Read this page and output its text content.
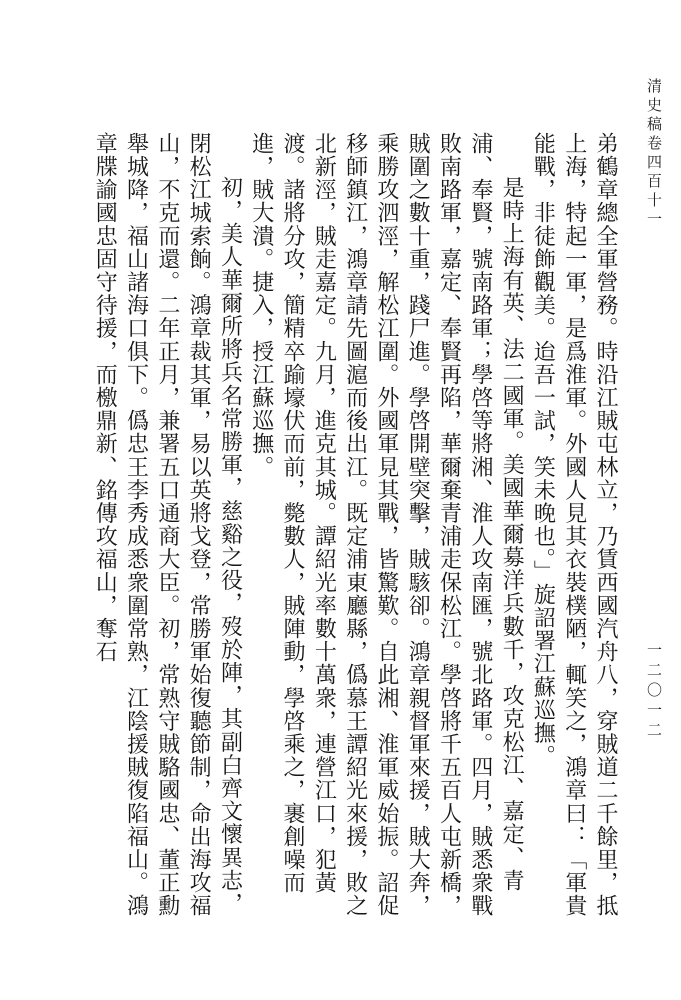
清史稿卷四百十一
一二〇一二

弟鶴章總全軍營務。時沿江賊屯林立，乃賃西國汽舟八，穿賊道二千餘里，抵上海，特起一軍，是爲淮軍。外國人見其衣裝樸陋，輒笑之，鴻章曰：「軍貴能戰，非徒飾觀美。迨吾一試，笑未晚也。」旋詔署江蘇巡撫。

是時上海有英、法二國軍。美國華爾募洋兵數千，攻克松江、嘉定、青浦、奉賢，號南路軍；學啓等將湘、淮人攻南匯，號北路軍。四月，賊悉衆戰敗南路軍，嘉定、奉賢再陷，華爾棄青浦走保松江。學啓將千五百人屯新橋，賊圍之數十重，踐尸進。學啓開壁突擊，賊駭卻。鴻章親督軍來援，賊大奔，乘勝攻泗涇，解松江圍。外國軍見其戰，皆驚歎。自此湘、淮軍威始振。詔促移師鎮江，鴻章請先圖滬而後出江。既定浦東廳縣，僞慕王譚紹光來援，敗之北新涇，賊走嘉定。九月，進克其城。譚紹光率數十萬衆，連營江口，犯黃渡。諸將分攻，簡精卒踰壕伏而前，斃數人，賊陣動，學啓乘之，裹創噪而進，賊大潰。捷入，授江蘇巡撫。

初，美人華爾所將兵名常勝軍，慈谿之役，歿於陣，其副白齊文懷異志，閉松江城索餉。鴻章裁其軍，易以英將戈登，常勝軍始復聽節制，命出海攻福山，不克而還。二年正月，兼署五口通商大臣。初，常熟守賊駱國忠、董正勳舉城降，福山諸海口俱下。僞忠王李秀成悉衆圍常熟，江陰援賊復陷福山。鴻章牒諭國忠固守待援，而檄鼎新、銘傳攻福山，奪石
